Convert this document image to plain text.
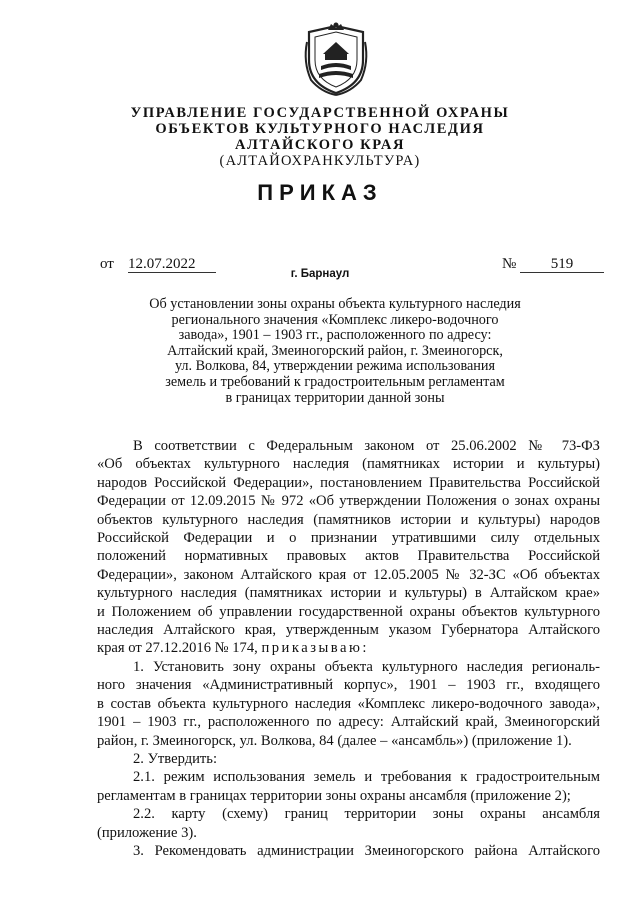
УПРАВЛЕНИЕ ГОСУДАРСТВЕННОЙ ОХРАНЫ
ОБЪЕКТОВ КУЛЬТУРНОГО НАСЛЕДИЯ
АЛТАЙСКОГО КРАЯ
(АЛТАЙОХРАНКУЛЬТУРА)
ПРИКАЗ
от 12.07.2022	№	519
г. Барнаул
Об установлении зоны охраны объекта культурного наследия
регионального значения «Комплекс ликеро-водочного
завода», 1901 – 1903 гг., расположенного по адресу:
Алтайский край, Змеиногорский район, г. Змеиногорск,
ул. Волкова, 84, утверждении режима использования
земель и требований к градостроительным регламентам
в границах территории данной зоны

В соответствии с Федеральным законом от 25.06.2002 № 73-ФЗ

«Об объектах культурного наследия (памятниках истории и культуры)

народов Российской Федерации», постановлением Правительства Российской

Федерации от 12.09.2015 № 972 «Об утверждении Положения о зонах охраны

объектов культурного наследия (памятников истории и культуры) народов

Российской Федерации и о признании утратившими силу отдельных

положений нормативных правовых актов Правительства Российской

Федерации», законом Алтайского края от 12.05.2005 № 32-ЗС «Об объектах

культурного наследия (памятниках истории и культуры) в Алтайском крае»

и Положением об управлении государственной охраны объектов культурного

наследия Алтайского края, утвержденным указом Губернатора Алтайского

края от 27.12.2016 № 174, приказываю:

1. Установить зону охраны объекта культурного наследия региональ-

ного значения «Административный корпус», 1901 – 1903 гг., входящего

в состав объекта культурного наследия «Комплекс ликеро-водочного завода»,

1901 – 1903 гг., расположенного по адресу: Алтайский край, Змеиногорский

район, г. Змеиногорск, ул. Волкова, 84 (далее – «ансамбль») (приложение 1).

2. Утвердить:

2.1. режим использования земель и требования к градостроительным

регламентам в границах территории зоны охраны ансамбля (приложение 2);

2.2. карту (схему) границ территории зоны охраны ансамбля

(приложение 3).

3. Рекомендовать администрации Змеиногорского района Алтайского
